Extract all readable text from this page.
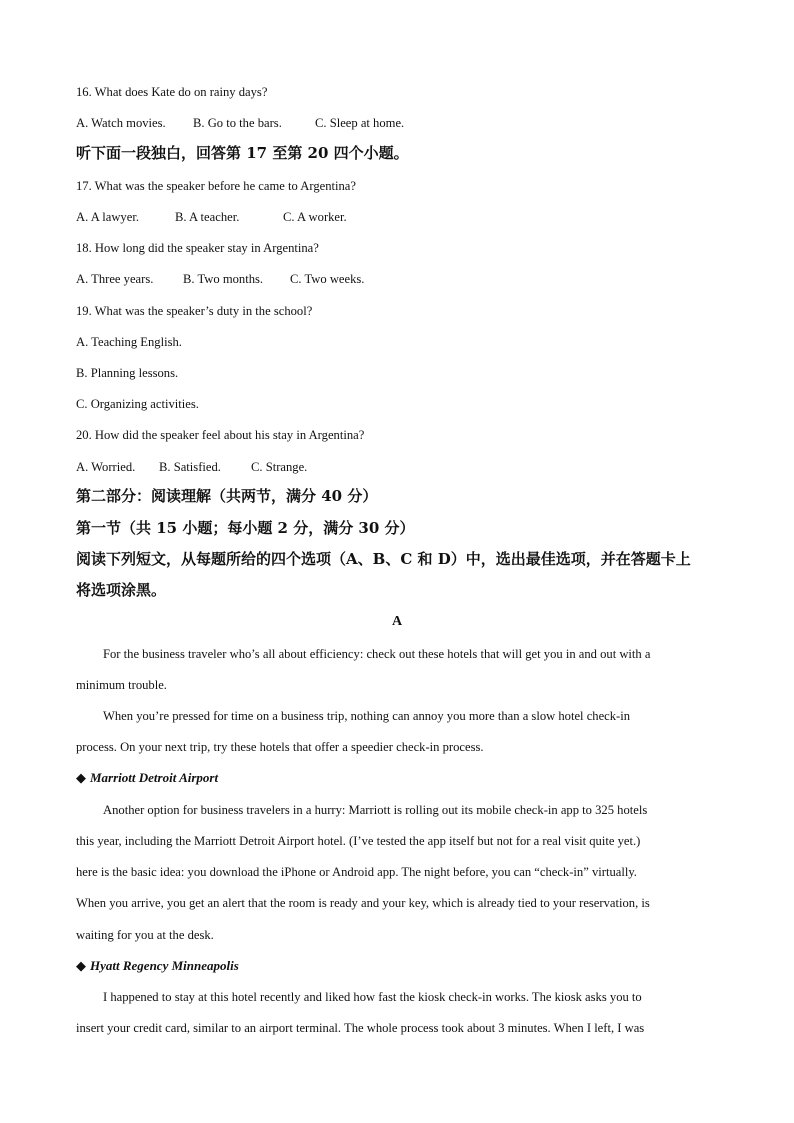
16. What does Kate do on rainy days?
A. Watch movies. B. Go to the bars.	C. Sleep at home.
听下面一段独白，回答第 17 至第 20 四个小题。
17. What was the speaker before he came to Argentina?
A. A lawyer.	B. A teacher.	C. A worker.
18. How long did the speaker stay in Argentina?
A. Three years. B. Two months. C. Two weeks.
19. What was the speaker’s duty in the school?
A. Teaching English.
B. Planning lessons.
C. Organizing activities.
20. How did the speaker feel about his stay in Argentina?
A. Worried. B. Satisfied. C. Strange.
第二部分：阅读理解（共两节，满分 40 分）
第一节（共 15 小题；每小题 2 分，满分 30 分）
阅读下列短文，从每题所给的四个选项（A、B、C 和 D）中，选出最佳选项，并在答题卡上
将选项涂黑。
A
For the business traveler who’s all about efficiency: check out these hotels that will get you in and out with a
minimum trouble.
When you’re pressed for time on a business trip, nothing can annoy you more than a slow hotel check-in
process. On your next trip, try these hotels that offer a speedier check-in process.
◆ Marriott Detroit Airport
Another option for business travelers in a hurry: Marriott is rolling out its mobile check-in app to 325 hotels
this year, including the Marriott Detroit Airport hotel. (I’ve tested the app itself but not for a real visit quite yet.)
here is the basic idea: you download the iPhone or Android app. The night before, you can “check-in” virtually.
When you arrive, you get an alert that the room is ready and your key, which is already tied to your reservation, is
waiting for you at the desk.
◆ Hyatt Regency Minneapolis
I happened to stay at this hotel recently and liked how fast the kiosk check-in works. The kiosk asks you to
insert your credit card, similar to an airport terminal. The whole process took about 3 minutes. When I left, I was
